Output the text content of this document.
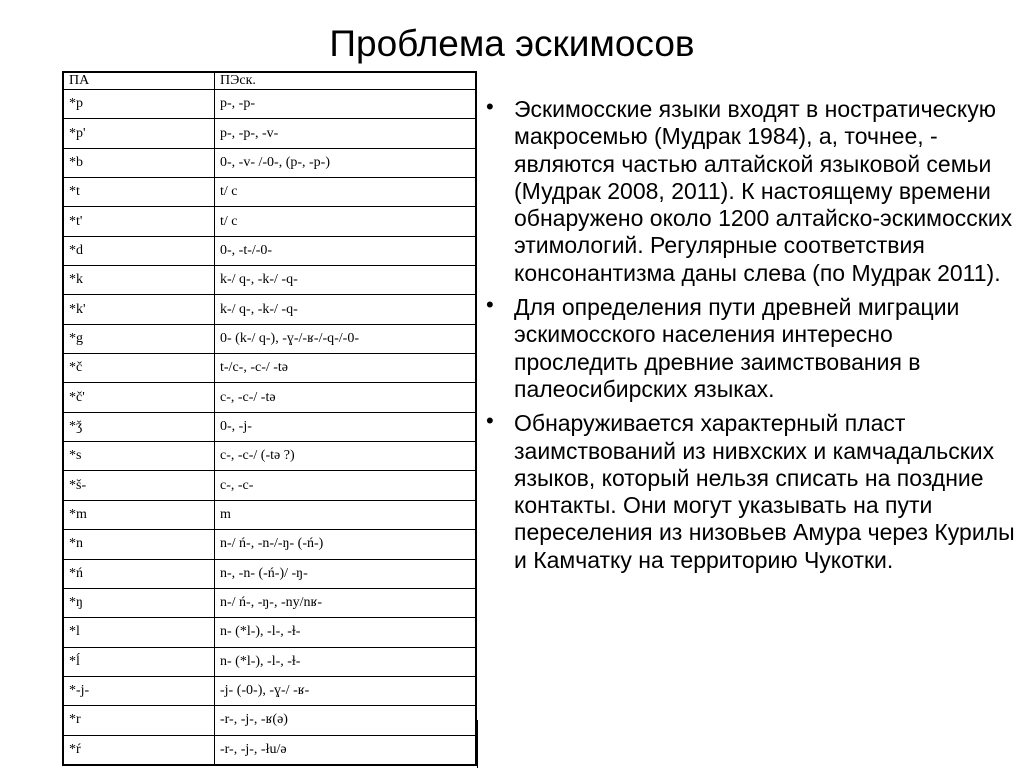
Проблема эскимосов
ПА	ПЭск.
*p	p-, -p-
*p'	p-, -p-, -v-
*b	0-, -v- /-0-, (p-, -p-)
*t	t/ c
*t'	t/ c
*d	0-, -t-/-0-
*k	k-/ q-, -k-/ -q-
*k'	k-/ q-, -k-/ -q-
*g	0- (k-/ q-), -ɣ-/-ʁ-/-q-/-0-
*č	t-/c-, -c-/ -tə
*č'	c-, -c-/ -tə
*ǯ	0-, -j-
*s	c-, -c-/ (-tə ?)
*š-	c-, -c-
*m	m
*n	n-/ ń-, -n-/-ŋ- (-ń-)
*ń	n-, -n- (-ń-)/ -ŋ-
*ŋ	n-/ ń-, -ŋ-, -ny/nʁ-
*l	n- (*l-), -l-, -ɫ-
*ĺ	n- (*l-), -l-, -ɫ-
*-j-	-j- (-0-), -ɣ-/ -ʁ-
*r	-r-, -j-, -ʁ(ə)
*ŕ	-r-, -j-, -łu/ə
• Эскимосские языки входят в ностратическую макросемью (Мудрак 1984), а, точнее, - являются частью алтайской языковой семьи (Мудрак 2008, 2011). К настоящему времени обнаружено около 1200 алтайско-эскимосских этимологий. Регулярные соответствия консонантизма даны слева (по Мудрак 2011).
• Для определения пути древней миграции эскимосского населения интересно проследить древние заимствования в палеосибирских языках.
• Обнаруживается характерный пласт заимствований из нивхских и камчадальских языков, который нельзя списать на поздние контакты. Они могут указывать на пути переселения из низовьев Амура через Курилы и Камчатку на территорию Чукотки.
